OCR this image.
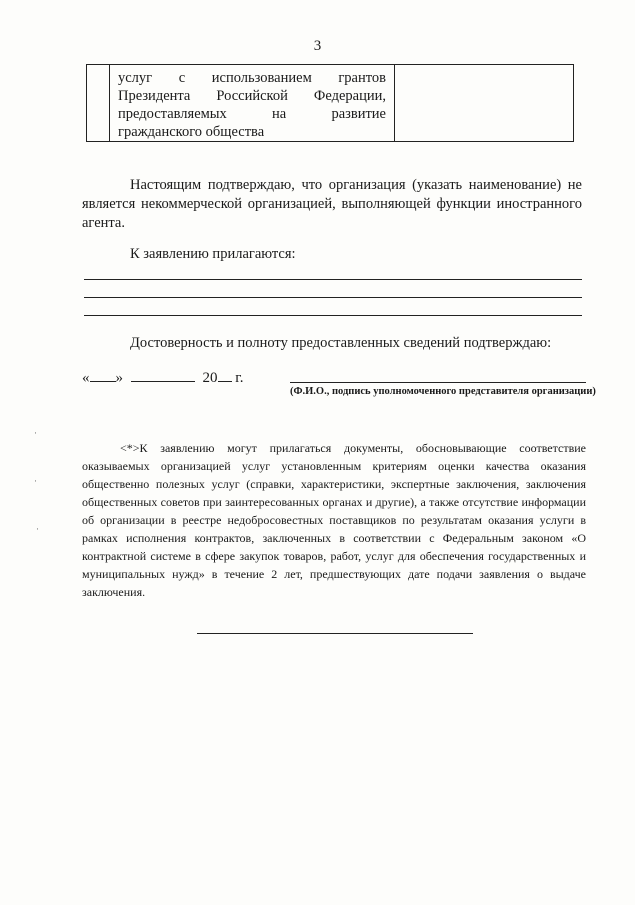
3
	услуг с использованием грантов Президента Российской Федерации, предоставляемых на развитие гражданского общества	

Настоящим подтверждаю, что организация (указать наименование) не является некоммерческой организацией, выполняющей функции иностранного агента.

К заявлению прилагаются:

Достоверность и полноту предоставленных сведений подтверждаю:

« »	20 г.
(Ф.И.О., подпись уполномоченного представителя организации)

<*>К заявлению могут прилагаться документы, обосновывающие соответствие оказываемых организацией услуг установленным критериям оценки качества оказания общественно полезных услуг (справки, характеристики, экспертные заключения, заключения общественных советов при заинтересованных органах и другие), а также отсутствие информации об организации в реестре недобросовестных поставщиков по результатам оказания услуги в рамках исполнения контрактов, заключенных в соответствии с Федеральным законом «О контрактной системе в сфере закупок товаров, работ, услуг для обеспечения государственных и муниципальных нужд» в течение 2 лет, предшествующих дате подачи заявления о выдаче заключения.

·
·
·
